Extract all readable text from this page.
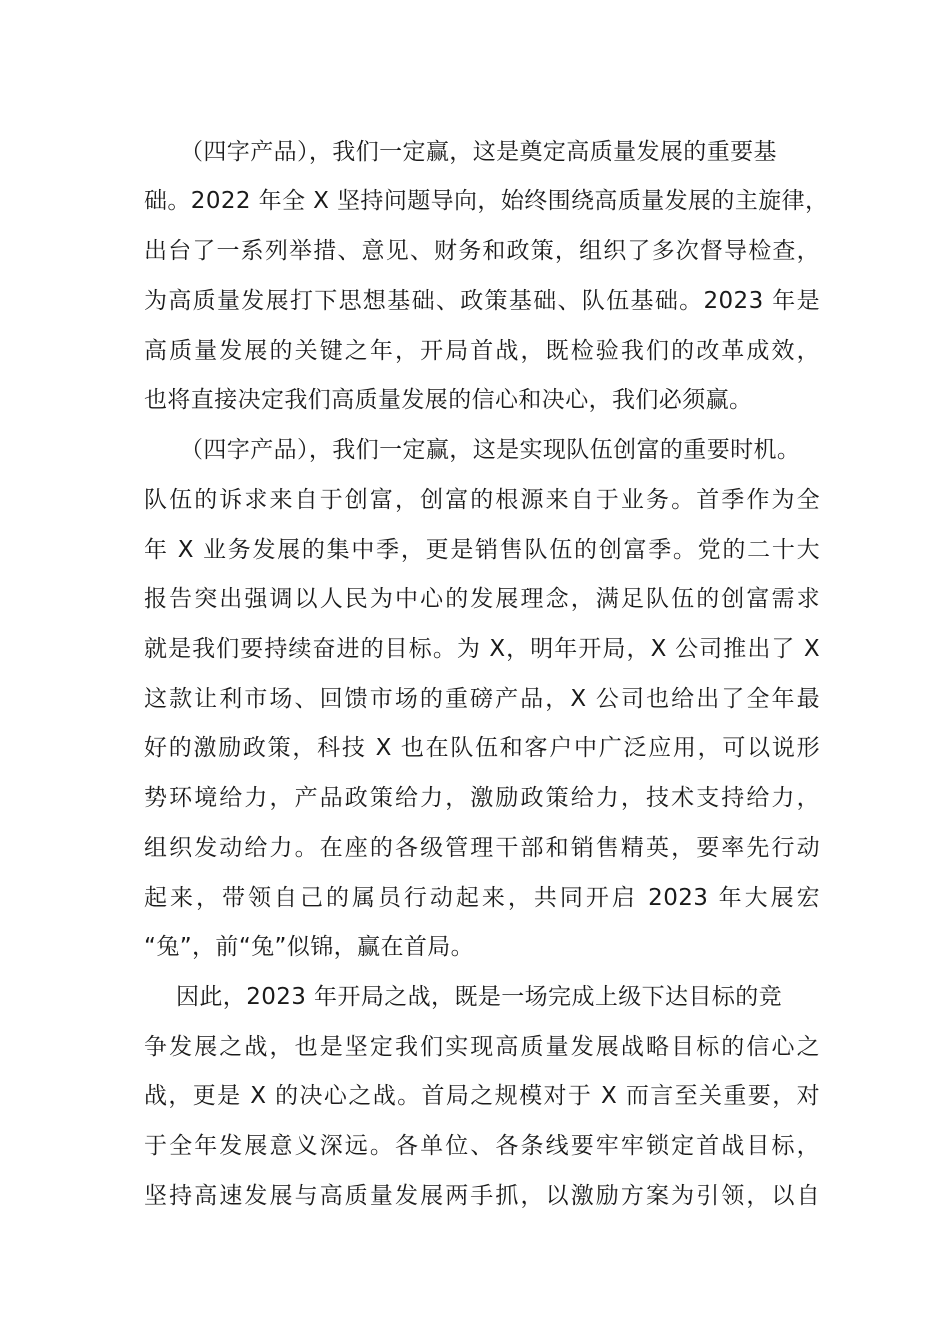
（四字产品），我们一定赢，这是奠定高质量发展的重要基
础。2022 年全 X 坚持问题导向，始终围绕高质量发展的主旋律，
出台了一系列举措、意见、财务和政策，组织了多次督导检查，
为高质量发展打下思想基础、政策基础、队伍基础。2023 年是
高质量发展的关键之年，开局首战，既检验我们的改革成效，
也将直接决定我们高质量发展的信心和决心，我们必须赢。
（四字产品），我们一定赢，这是实现队伍创富的重要时机。
队伍的诉求来自于创富，创富的根源来自于业务。首季作为全
年 X 业务发展的集中季，更是销售队伍的创富季。党的二十大
报告突出强调以人民为中心的发展理念，满足队伍的创富需求
就是我们要持续奋进的目标。为 X，明年开局，X 公司推出了 X
这款让利市场、回馈市场的重磅产品，X 公司也给出了全年最
好的激励政策，科技 X 也在队伍和客户中广泛应用，可以说形
势环境给力，产品政策给力，激励政策给力，技术支持给力，
组织发动给力。在座的各级管理干部和销售精英，要率先行动
起来，带领自己的属员行动起来，共同开启 2023 年大展宏
“兔”，前“兔”似锦，赢在首局。
因此，2023 年开局之战，既是一场完成上级下达目标的竞
争发展之战，也是坚定我们实现高质量发展战略目标的信心之
战，更是 X 的决心之战。首局之规模对于 X 而言至关重要，对
于全年发展意义深远。各单位、各条线要牢牢锁定首战目标，
坚持高速发展与高质量发展两手抓，以激励方案为引领，以自
